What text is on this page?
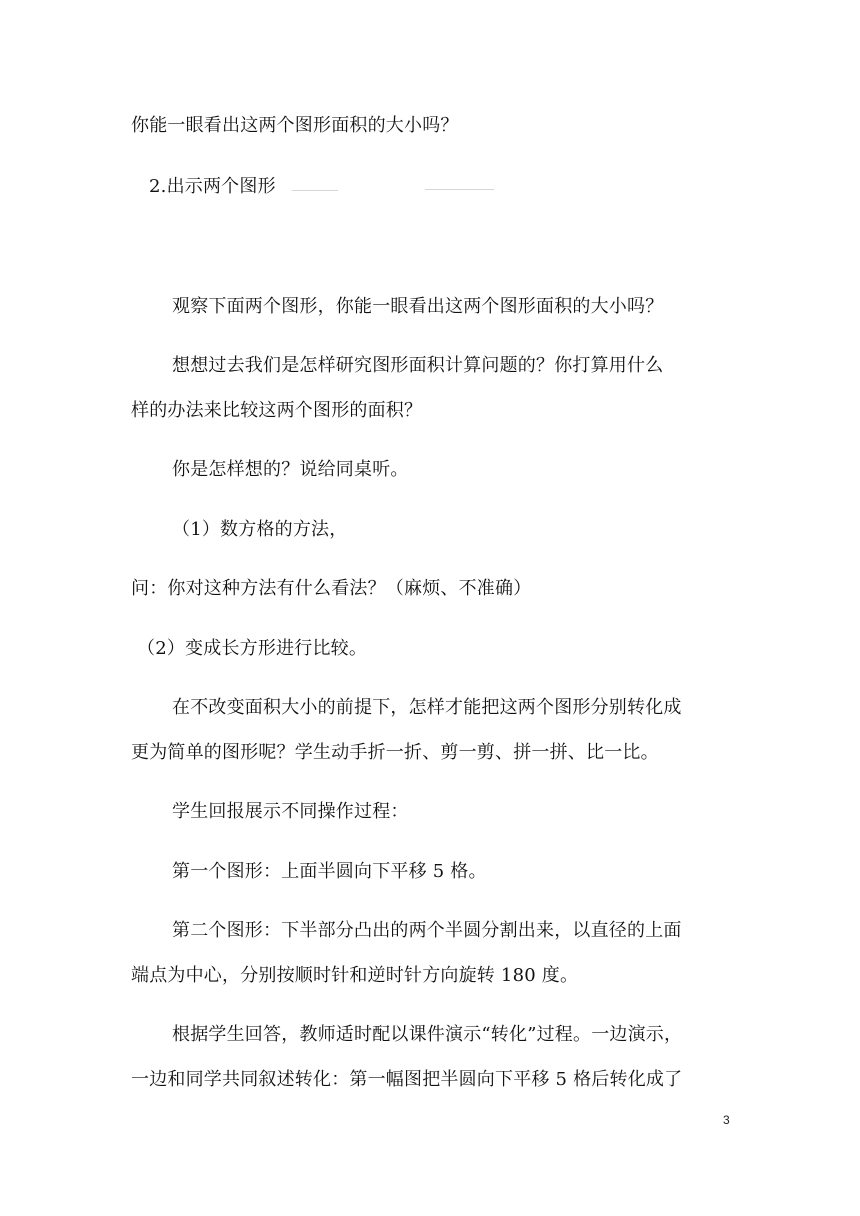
你能一眼看出这两个图形面积的大小吗？
2.出示两个图形
观察下面两个图形，你能一眼看出这两个图形面积的大小吗？
想想过去我们是怎样研究图形面积计算问题的？你打算用什么
样的办法来比较这两个图形的面积？
你是怎样想的？说给同桌听。
（1）数方格的方法，
问：你对这种方法有什么看法？（麻烦、不准确）
（2）变成长方形进行比较。
在不改变面积大小的前提下，怎样才能把这两个图形分别转化成
更为简单的图形呢？学生动手折一折、剪一剪、拼一拼、比一比。
学生回报展示不同操作过程：
第一个图形：上面半圆向下平移 5 格。
第二个图形：下半部分凸出的两个半圆分割出来，以直径的上面
端点为中心，分别按顺时针和逆时针方向旋转 180 度。
根据学生回答，教师适时配以课件演示“转化”过程。一边演示，
一边和同学共同叙述转化：第一幅图把半圆向下平移 5 格后转化成了
3
